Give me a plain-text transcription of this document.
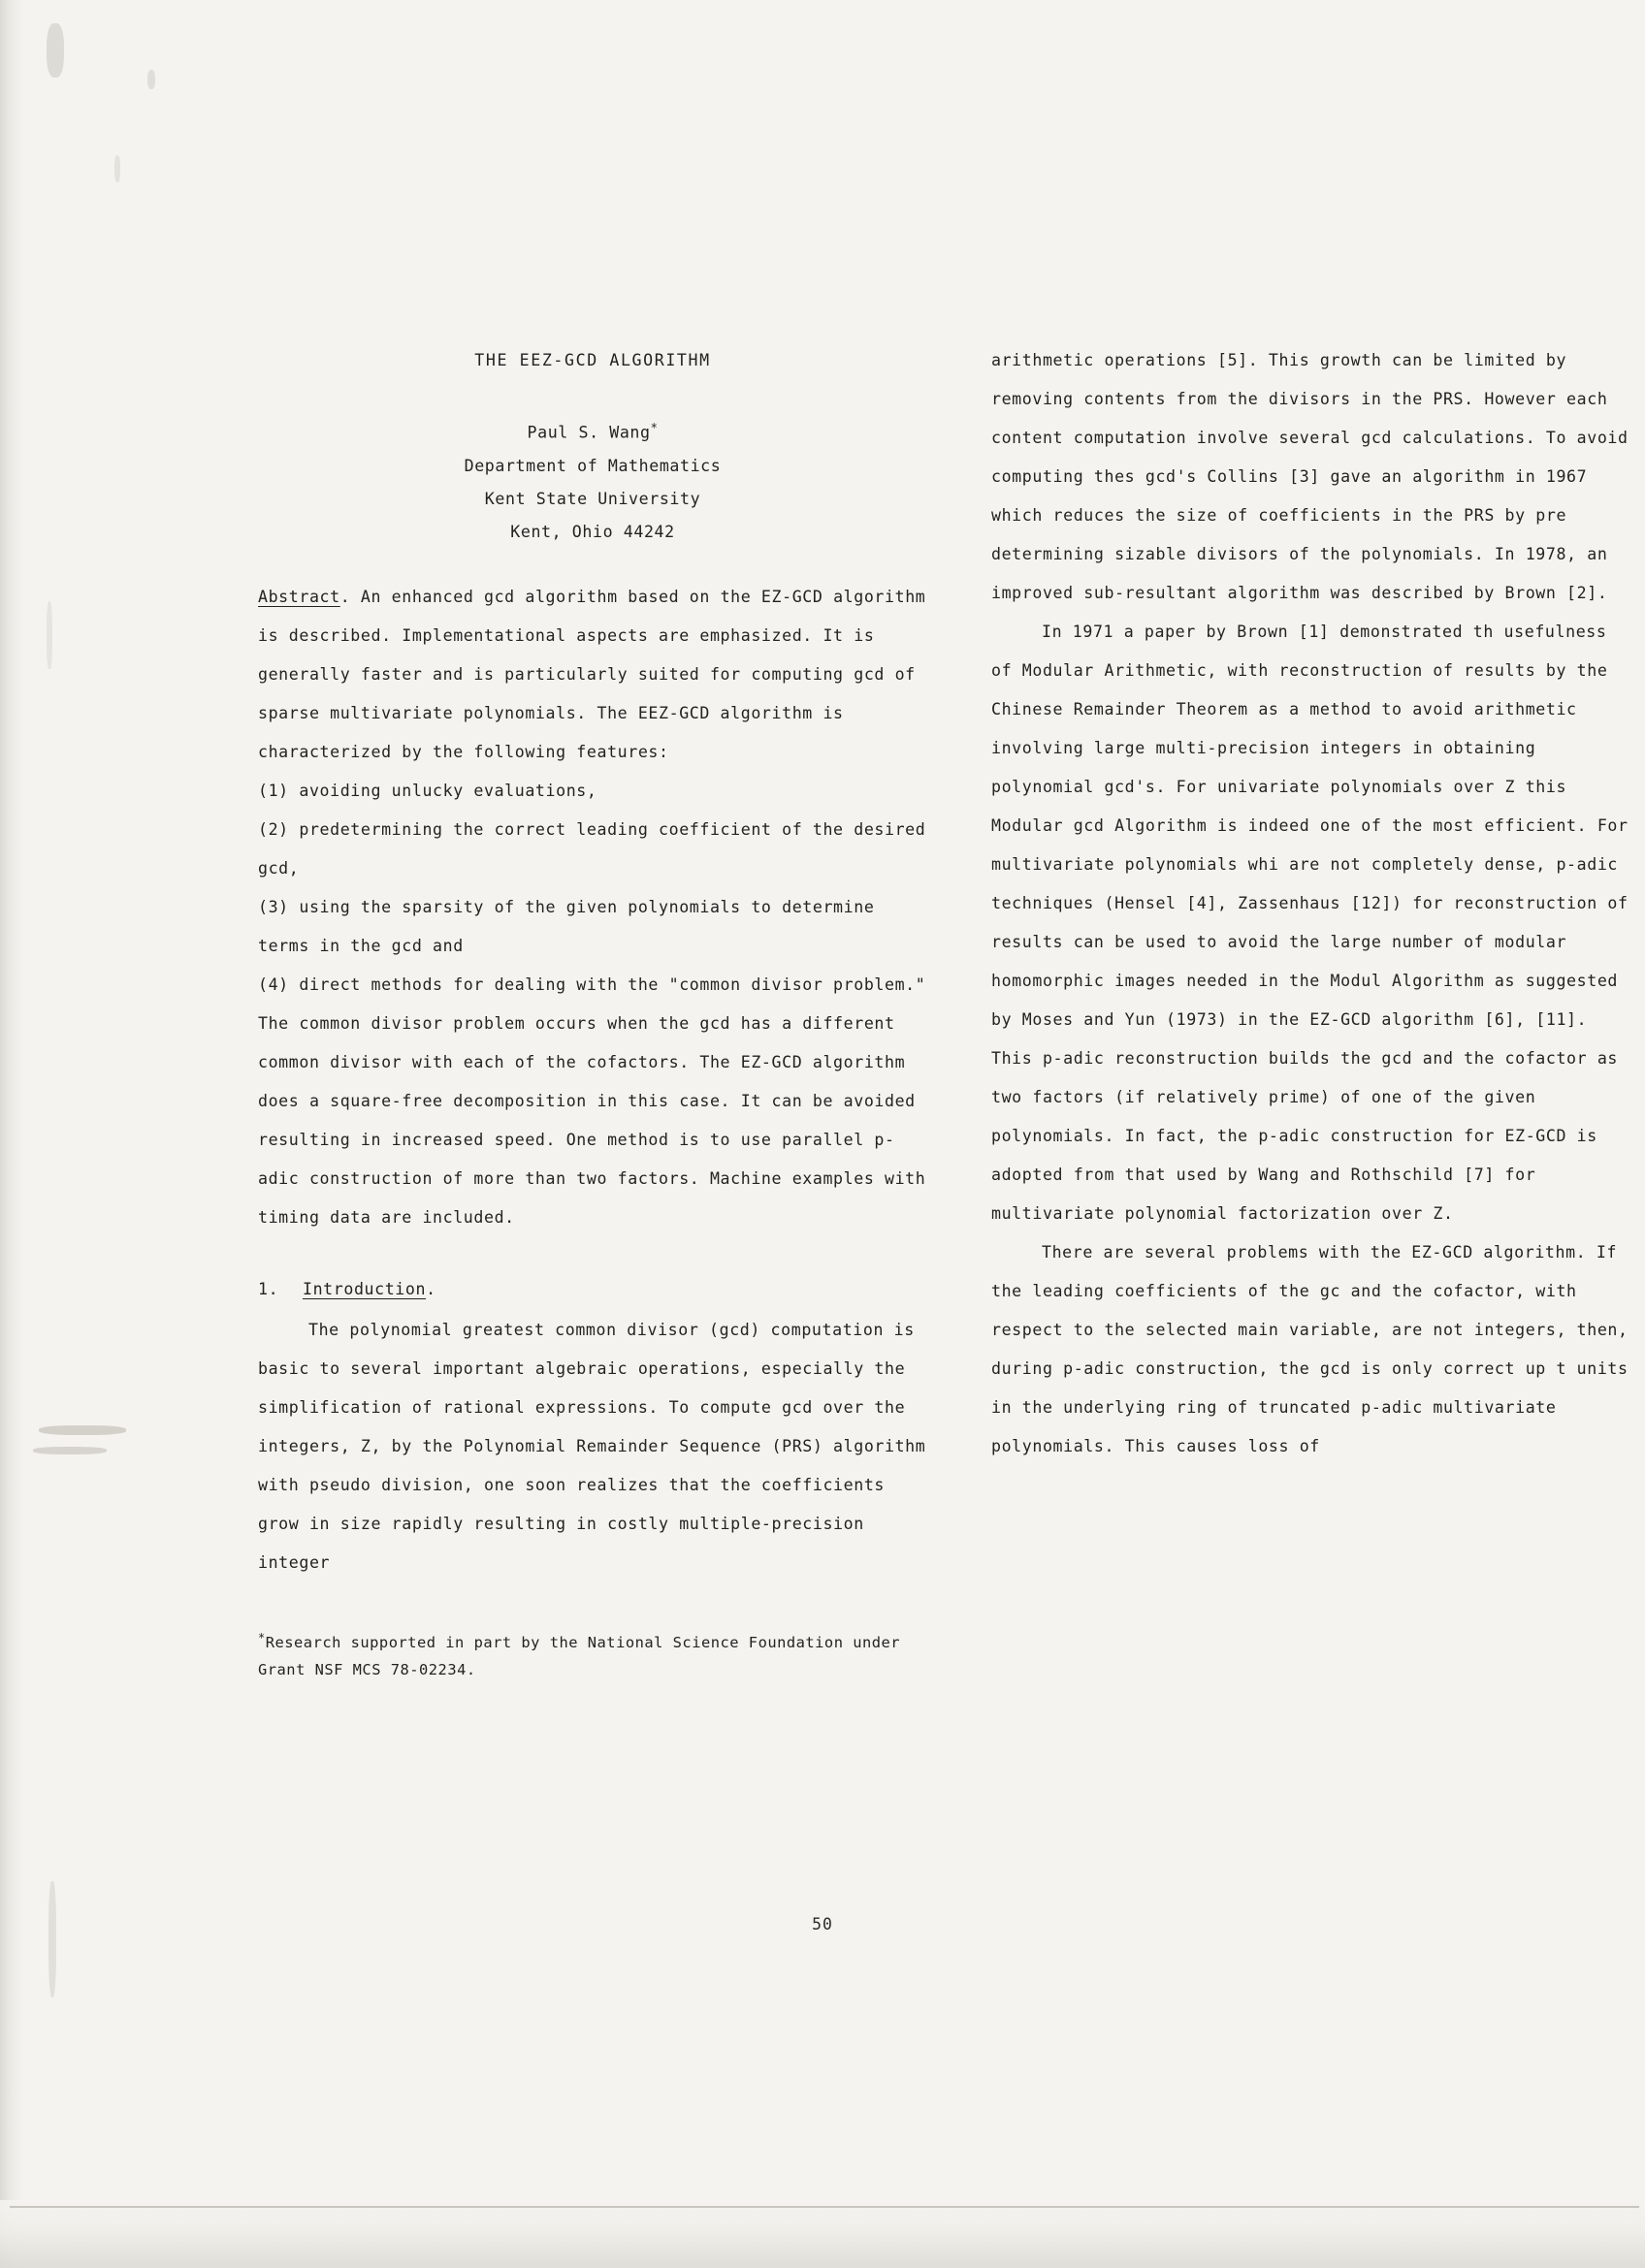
THE EEZ-GCD ALGORITHM
Paul S. Wang*
Department of Mathematics
Kent State University
Kent, Ohio 44242

Abstract. An enhanced gcd algorithm based on the EZ-GCD algorithm is described. Implementational aspects are emphasized. It is generally faster and is particularly suited for computing gcd of sparse multivariate polynomials. The EEZ-GCD algorithm is characterized by the following features:

(1) avoiding unlucky evaluations,

(2) predetermining the correct leading coefficient of the desired gcd,

(3) using the sparsity of the given polynomials to determine terms in the gcd and

(4) direct methods for dealing with the "common divisor problem." The common divisor problem occurs when the gcd has a different common divisor with each of the cofactors. The EZ-GCD algorithm does a square-free decomposition in this case. It can be avoided resulting in increased speed. One method is to use parallel p-adic construction of more than two factors. Machine examples with timing data are included.

1. Introduction.

The polynomial greatest common divisor (gcd) computation is basic to several important algebraic operations, especially the simplification of rational expressions. To compute gcd over the integers, Z, by the Polynomial Remainder Sequence (PRS) algorithm with pseudo division, one soon realizes that the coefficients grow in size rapidly resulting in costly multiple-precision integer

arithmetic operations [5]. This growth can be limited by removing contents from the divisors in the PRS. However each content computation involve several gcd calculations. To avoid computing thes gcd's Collins [3] gave an algorithm in 1967 which reduces the size of coefficients in the PRS by pre determining sizable divisors of the polynomials. In 1978, an improved sub-resultant algorithm was described by Brown [2].

In 1971 a paper by Brown [1] demonstrated th usefulness of Modular Arithmetic, with reconstruction of results by the Chinese Remainder Theorem as a method to avoid arithmetic involving large multi-precision integers in obtaining polynomial gcd's. For univariate polynomials over Z this Modular gcd Algorithm is indeed one of the most efficient. For multivariate polynomials whi are not completely dense, p-adic techniques (Hensel [4], Zassenhaus [12]) for reconstruction of results can be used to avoid the large number of modular homomorphic images needed in the Modul Algorithm as suggested by Moses and Yun (1973) in the EZ-GCD algorithm [6], [11]. This p-adic reconstruction builds the gcd and the cofactor as two factors (if relatively prime) of one of the given polynomials. In fact, the p-adic construction for EZ-GCD is adopted from that used by Wang and Rothschild [7] for multivariate polynomial factorization over Z.

There are several problems with the EZ-GCD algorithm. If the leading coefficients of the gc and the cofactor, with respect to the selected main variable, are not integers, then, during p-adic construction, the gcd is only correct up t units in the underlying ring of truncated p-adic multivariate polynomials. This causes loss of

*Research supported in part by the National Science Foundation under Grant NSF MCS 78-02234.
50
